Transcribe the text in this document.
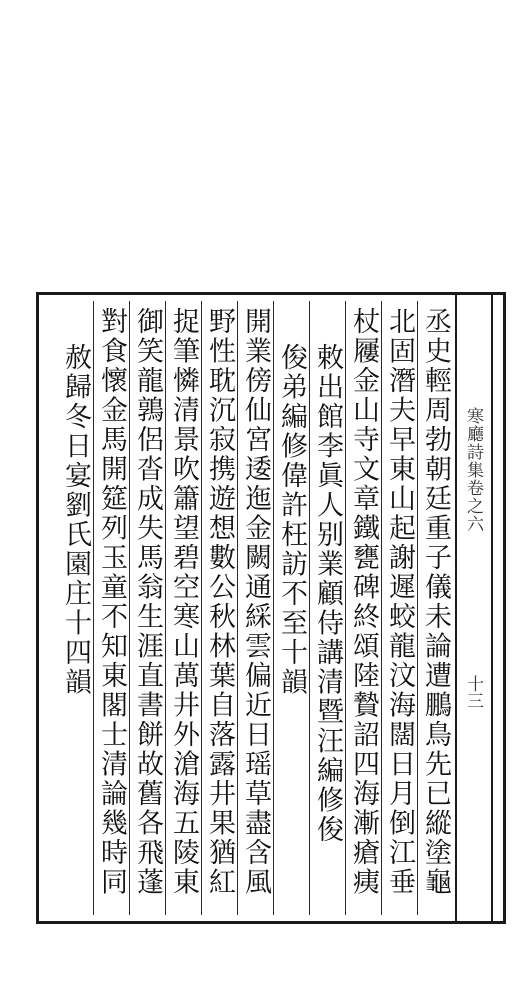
寒廳詩集卷之六
十三
丞史輕周勃朝廷重子儀未論遭鵬鳥先已縱塗龜
北固潛夫早東山起謝遲蛟龍汶海闊日月倒江垂
杖屨金山寺文章鐵甕碑終頌陸贄詔四海漸瘡痍
敕出館李眞人别業顧侍講清暨汪編修俊
俊弟編修偉許枉訪不至十韻
開業傍仙宮逶迤金闕通綵雲偏近日瑶草盡含風
野性耽沉寂携遊想數公秋林葉自落露井果猶紅
捉筆憐清景吹簫望碧空寒山萬井外滄海五陵東
御笑龍鶉侶沓成失馬翁生涯直書餅故舊各飛蓬
對食懷金馬開筵列玉童不知東閣士清論幾時同
赦歸冬日宴劉氏園庄十四韻
